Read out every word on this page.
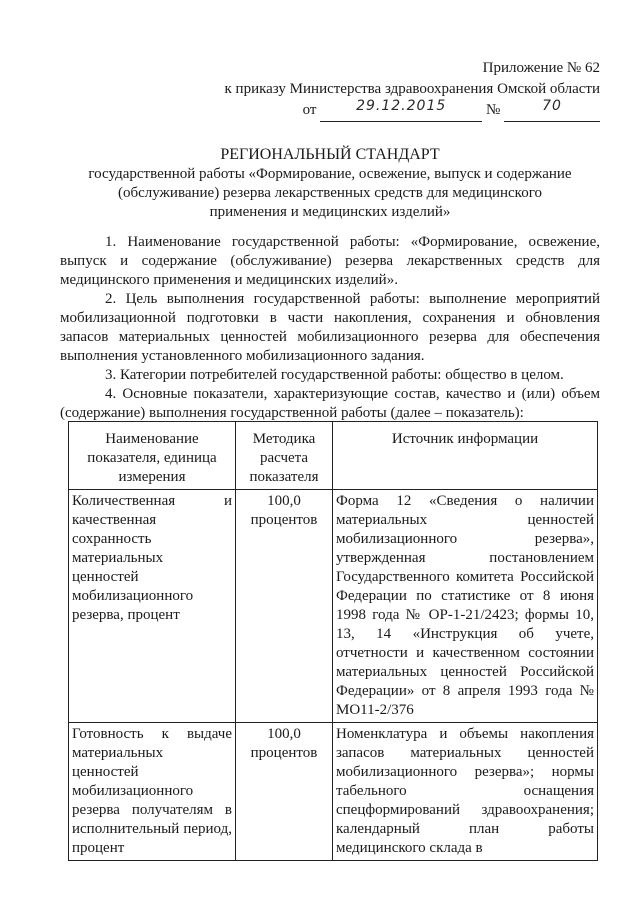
Приложение № 62
к приказу Министерства здравоохранения Омской области
от	29.12.2015	№	70
РЕГИОНАЛЬНЫЙ СТАНДАРТ
государственной работы «Формирование, освежение, выпуск и содержание
(обслуживание) резерва лекарственных средств для медицинского
применения и медицинских изделий»

1. Наименование государственной работы: «Формирование, освежение, выпуск и содержание (обслуживание) резерва лекарственных средств для медицинского применения и медицинских изделий».

2. Цель выполнения государственной работы: выполнение мероприятий мобилизационной подготовки в части накопления, сохранения и обновления запасов материальных ценностей мобилизационного резерва для обеспечения выполнения установленного мобилизационного задания.

3. Категории потребителей государственной работы: общество в целом.

4. Основные показатели, характеризующие состав, качество и (или) объем (содержание) выполнения государственной работы (далее – показатель):

Наименование показателя, единица измерения	Методика расчета показателя	Источник информации
Количественная и качественная сохранность материальных ценностей мобилизационного резерва, процент	100,0 процентов	Форма 12 «Сведения о наличии материальных ценностей мобилизационного резерва», утвержденная постановлением Государственного комитета Российской Федерации по статистике от 8 июня 1998 года № ОР-1-21/2423; формы 10, 13, 14 «Инструкция об учете, отчетности и качественном состоянии материальных ценностей Российской Федерации» от 8 апреля 1993 года № МО11-2/376
Готовность к выдаче материальных ценностей мобилизационного резерва получателям в исполнительный период, процент	100,0 процентов	Номенклатура и объемы накопления запасов материальных ценностей мобилизационного резерва»; нормы табельного оснащения спецформирований здравоохранения; календарный план работы медицинского склада в
